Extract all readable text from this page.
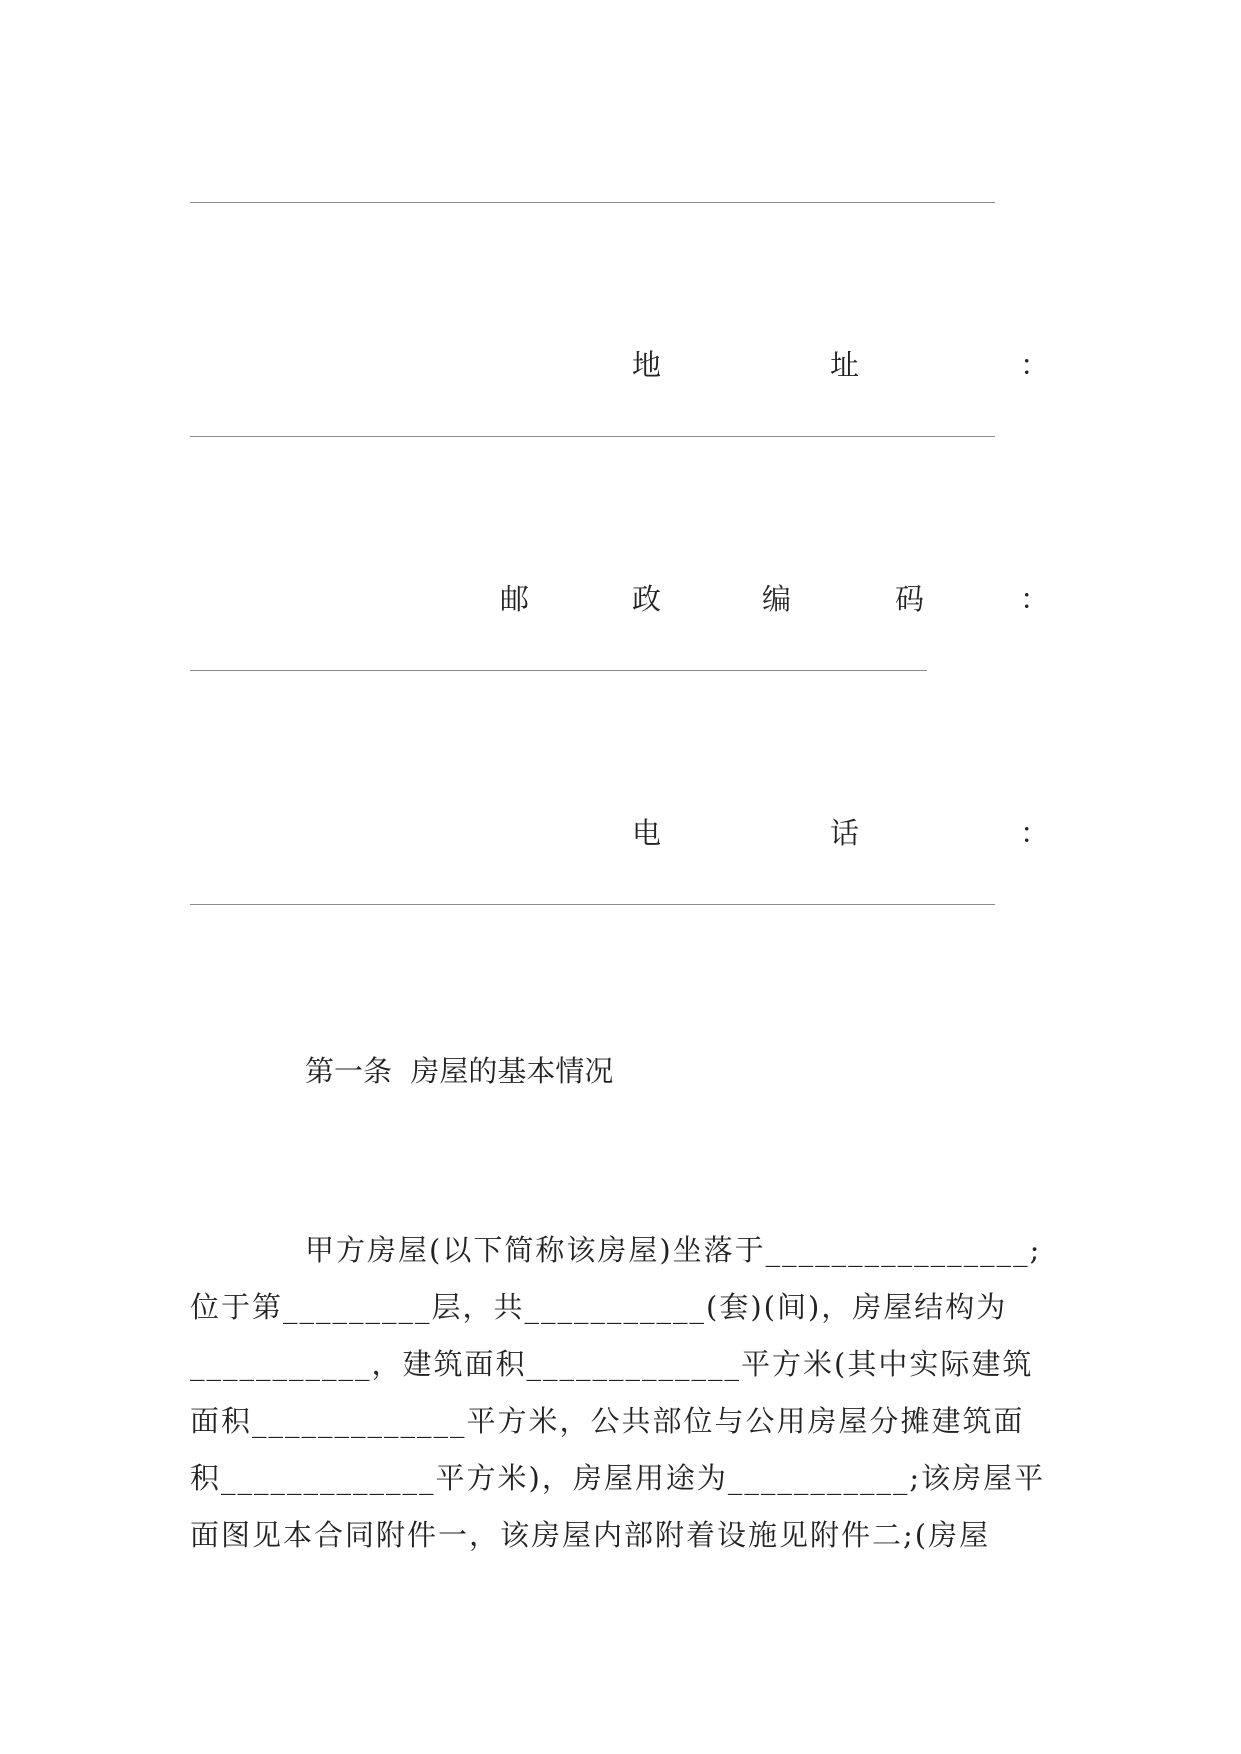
地	址	：
邮	政	编	码	：
电	话	：
第一条  房屋的基本情况
甲方房屋(以下简称该房屋)坐落于________________;
位于第_________层，共___________(套)(间)，房屋结构为
___________，建筑面积_____________平方米(其中实际建筑
面积_____________平方米，公共部位与公用房屋分摊建筑面
积_____________平方米)，房屋用途为___________;该房屋平
面图见本合同附件一，该房屋内部附着设施见附件二;(房屋
